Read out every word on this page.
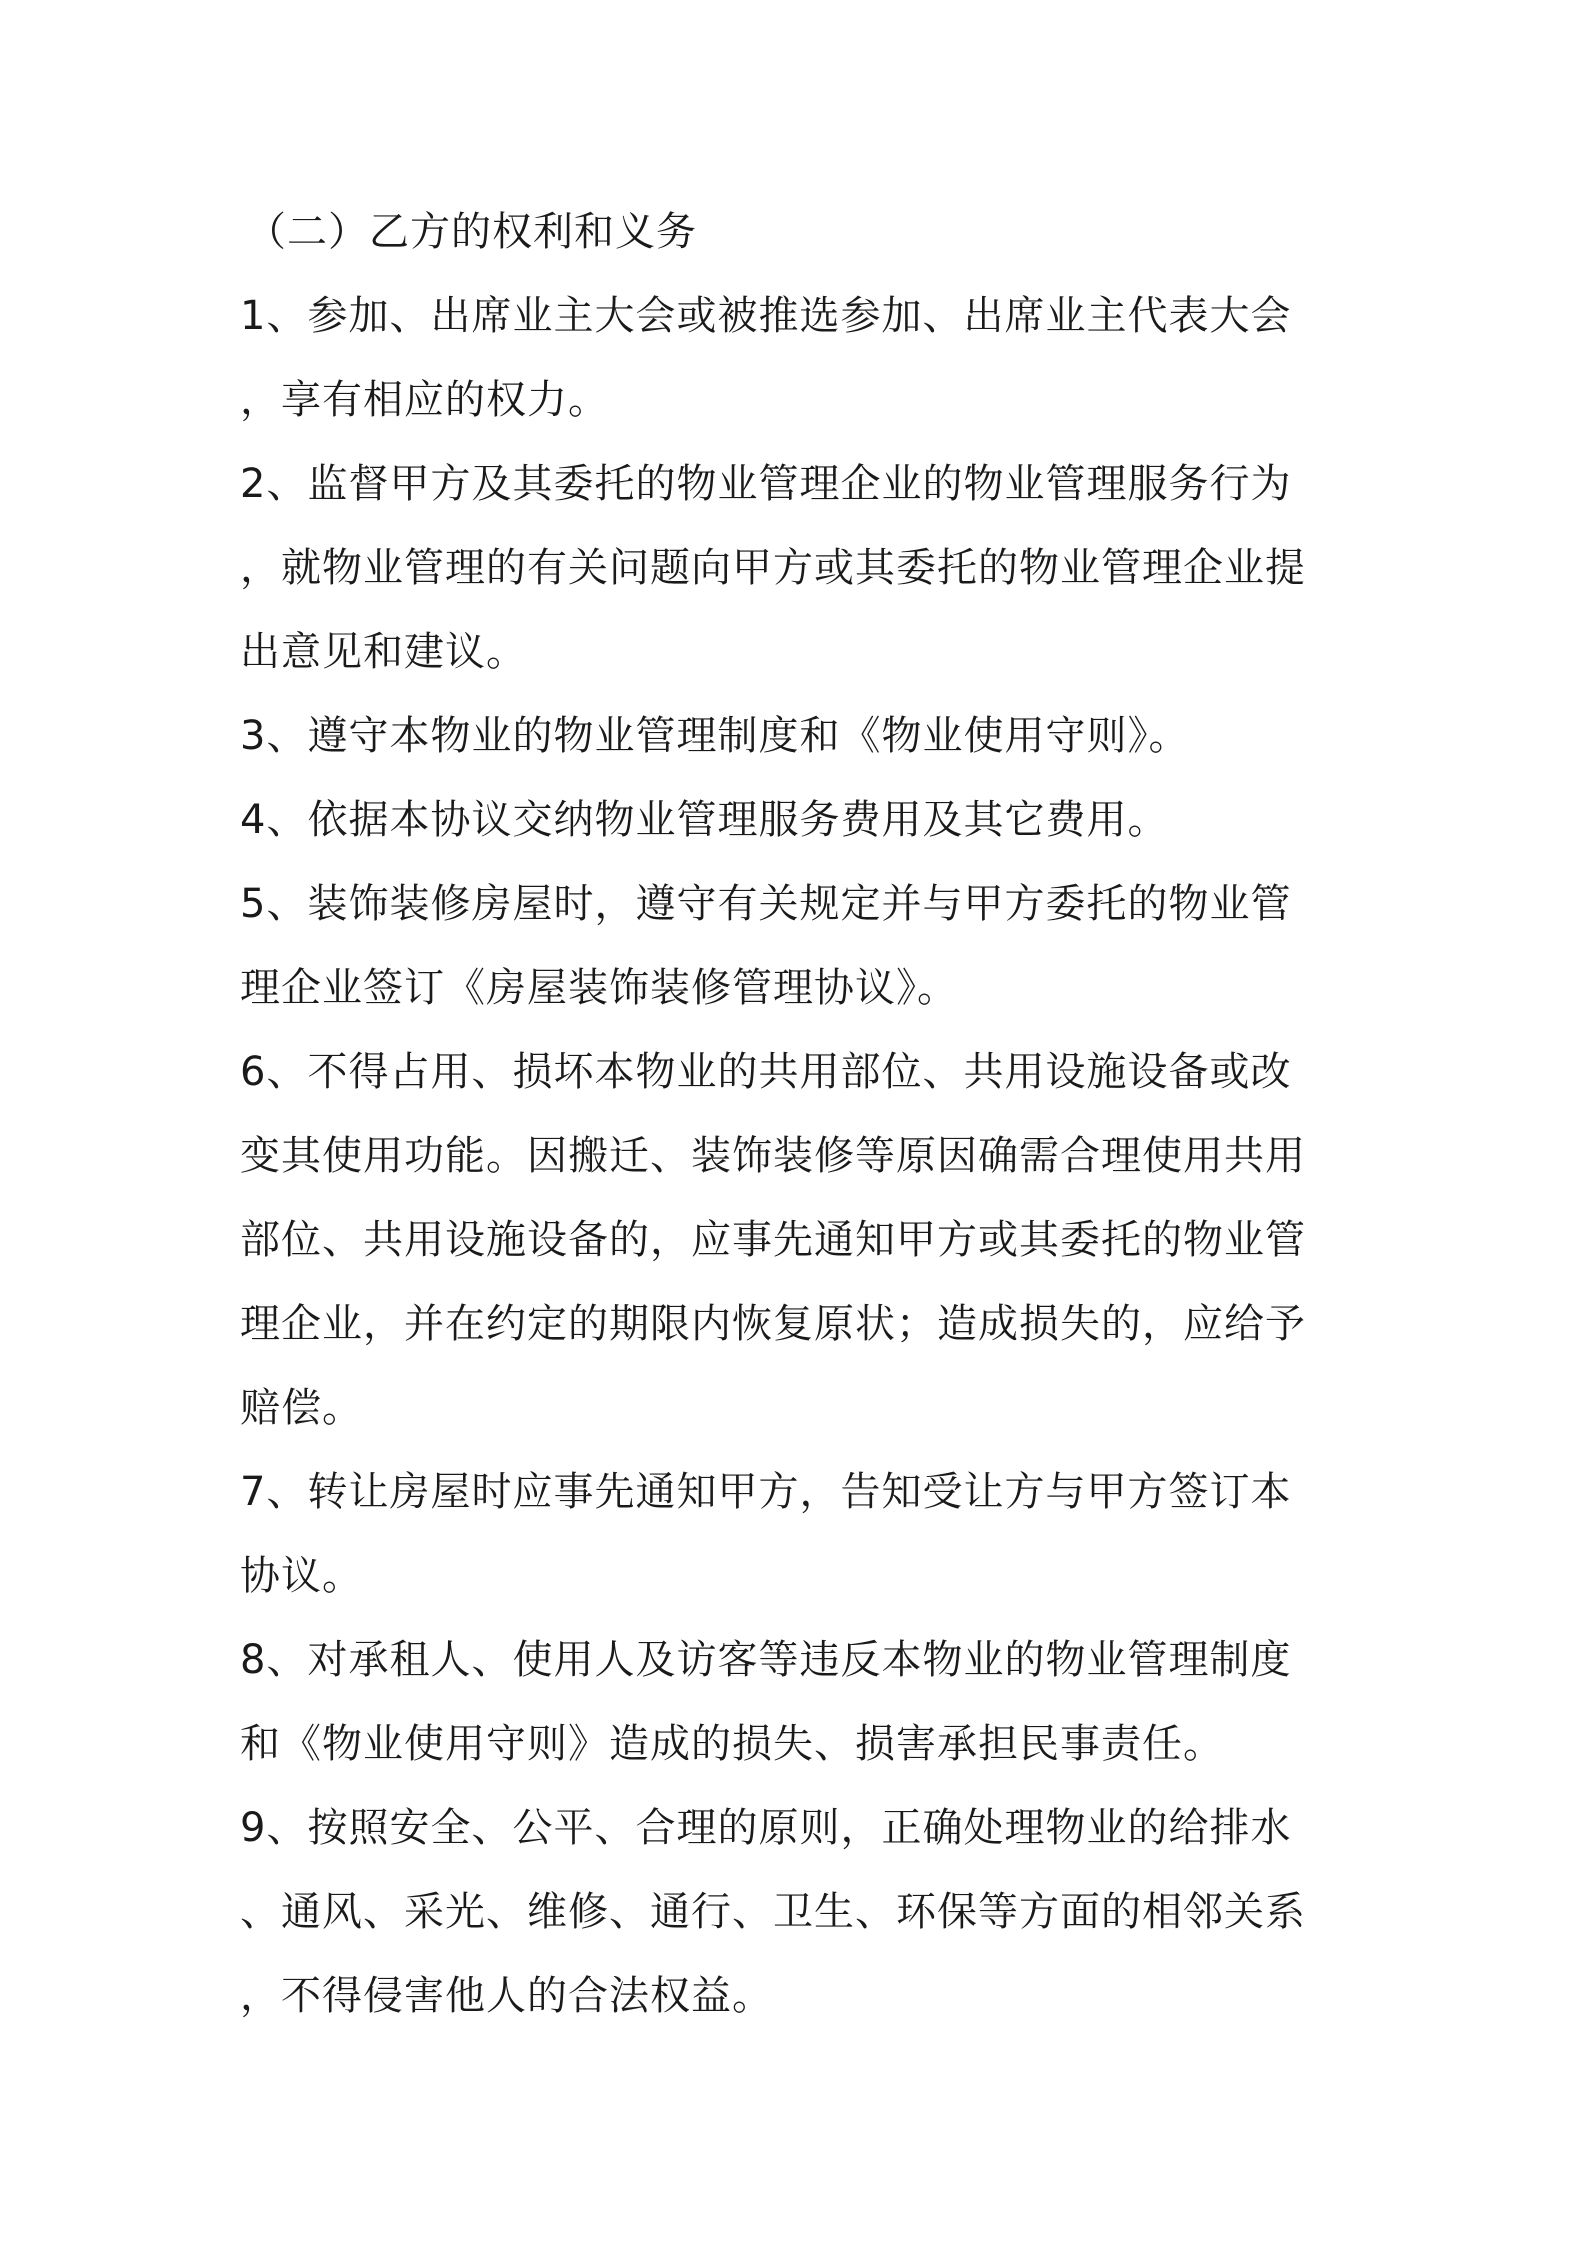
（二）乙方的权利和义务
1、参加、出席业主大会或被推选参加、出席业主代表大会
，享有相应的权力。
2、监督甲方及其委托的物业管理企业的物业管理服务行为
，就物业管理的有关问题向甲方或其委托的物业管理企业提
出意见和建议。
3、遵守本物业的物业管理制度和《物业使用守则》。
4、依据本协议交纳物业管理服务费用及其它费用。
5、装饰装修房屋时，遵守有关规定并与甲方委托的物业管
理企业签订《房屋装饰装修管理协议》。
6、不得占用、损坏本物业的共用部位、共用设施设备或改
变其使用功能。因搬迁、装饰装修等原因确需合理使用共用
部位、共用设施设备的，应事先通知甲方或其委托的物业管
理企业，并在约定的期限内恢复原状；造成损失的，应给予
赔偿。
7、转让房屋时应事先通知甲方，告知受让方与甲方签订本
协议。
8、对承租人、使用人及访客等违反本物业的物业管理制度
和《物业使用守则》造成的损失、损害承担民事责任。
9、按照安全、公平、合理的原则，正确处理物业的给排水
、通风、采光、维修、通行、卫生、环保等方面的相邻关系
，不得侵害他人的合法权益。
